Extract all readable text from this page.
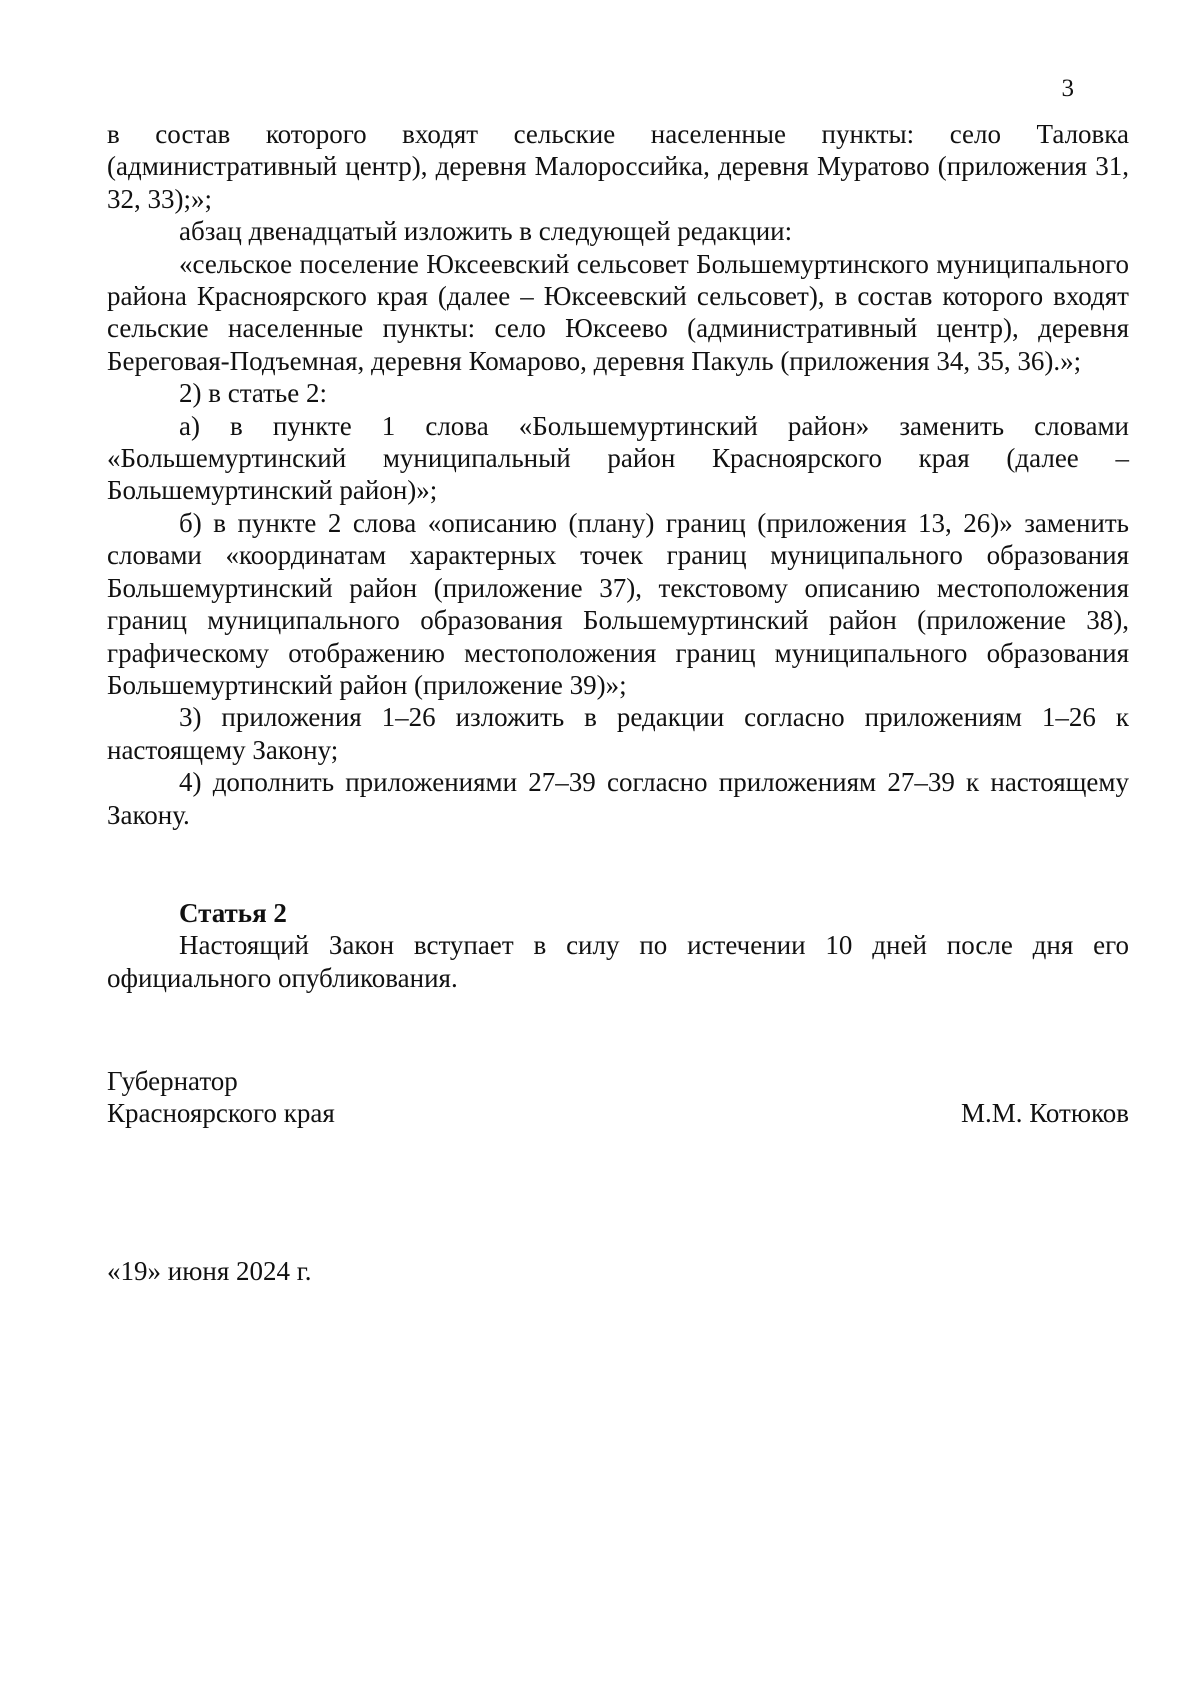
3

в состав которого входят сельские населенные пункты: село Таловка (административный центр), деревня Малороссийка, деревня Муратово (приложения 31, 32, 33);»;

абзац двенадцатый изложить в следующей редакции:

«сельское поселение Юксеевский сельсовет Большемуртинского муниципального района Красноярского края (далее – Юксеевский сельсовет), в состав которого входят сельские населенные пункты: село Юксеево (административный центр), деревня Береговая-Подъемная, деревня Комарово, деревня Пакуль (приложения 34, 35, 36).»;

2) в статье 2:

а) в пункте 1 слова «Большемуртинский район» заменить словами «Большемуртинский муниципальный район Красноярского края (далее – Большемуртинский район)»;

б) в пункте 2 слова «описанию (плану) границ (приложения 13, 26)» заменить словами «координатам характерных точек границ муниципального образования Большемуртинский район (приложение 37), текстовому описанию местоположения границ муниципального образования Большемуртинский район (приложение 38), графическому отображению местоположения границ муниципального образования Большемуртинский район (приложение 39)»;

3) приложения 1–26 изложить в редакции согласно приложениям 1–26 к настоящему Закону;

4) дополнить приложениями 27–39 согласно приложениям 27–39 к настоящему Закону.

Статья 2

Настоящий Закон вступает в силу по истечении 10 дней после дня его официального опубликования.

Губернатор
Красноярского края	М.М. Котюков
«19» июня 2024 г.
